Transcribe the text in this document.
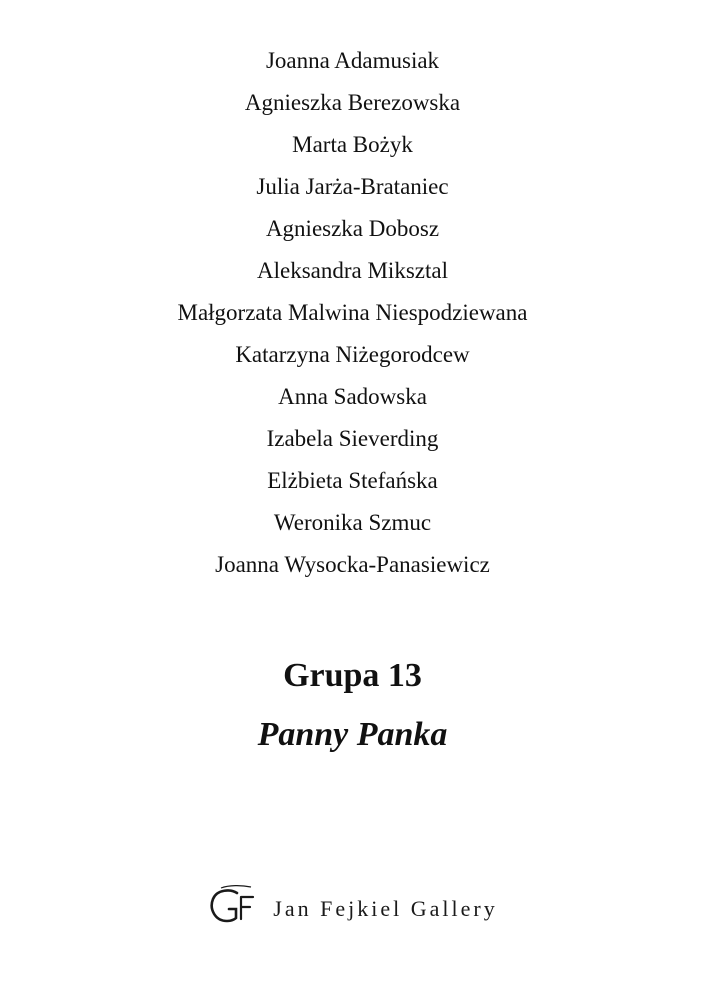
Joanna Adamusiak
Agnieszka Berezowska
Marta Bożyk
Julia Jarża-Brataniec
Agnieszka Dobosz
Aleksandra Miksztal
Małgorzata Malwina Niespodziewana
Katarzyna Niżegorodcew
Anna Sadowska
Izabela Sieverding
Elżbieta Stefańska
Weronika Szmuc
Joanna Wysocka-Panasiewicz
Grupa 13
Panny Panka
Jan Fejkiel Gallery
